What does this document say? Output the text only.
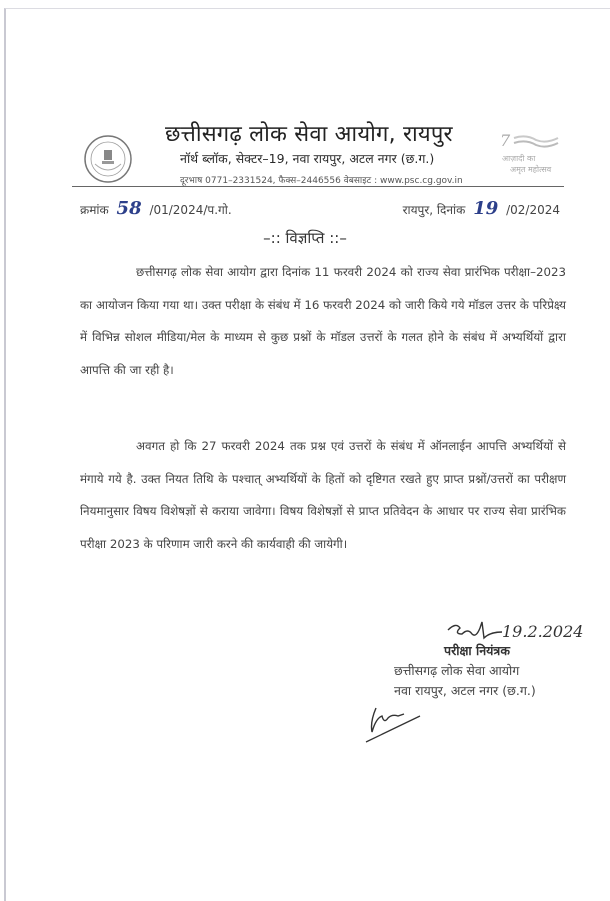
7
आज़ादी का
अमृत महोत्सव
छत्तीसगढ़ लोक सेवा आयोग, रायपुर
नॉर्थ ब्लॉक, सेक्टर–19, नवा रायपुर, अटल नगर (छ.ग.)
दूरभाष 0771–2331524, फैक्स–2446556 वेबसाइट : www.psc.cg.gov.in
क्रमांक 58 /01/2024/प.गो.	रायपुर, दिनांक 19 /02/2024
–:: विज्ञप्ति ::–

छत्तीसगढ़ लोक सेवा आयोग द्वारा दिनांक 11 फरवरी 2024 को राज्य सेवा प्रारंभिक परीक्षा–2023 का आयोजन किया गया था। उक्त परीक्षा के संबंध में 16 फरवरी 2024 को जारी किये गये मॉडल उत्तर के परिप्रेक्ष्य में विभिन्न सोशल मीडिया/मेल के माध्यम से कुछ प्रश्नों के मॉडल उत्तरों के गलत होने के संबंध में अभ्यर्थियों द्वारा आपत्ति की जा रही है।

अवगत हो कि 27 फरवरी 2024 तक प्रश्न एवं उत्तरों के संबंध में ऑनलाईन आपत्ति अभ्यर्थियों से मंगाये गये है. उक्त नियत तिथि के पश्चात् अभ्यर्थियों के हितों को दृष्टिगत रखते हुए प्राप्त प्रश्नों/उत्तरों का परीक्षण नियमानुसार विषय विशेषज्ञों से कराया जावेगा। विषय विशेषज्ञों से प्राप्त प्रतिवेदन के आधार पर राज्य सेवा प्रारंभिक परीक्षा 2023 के परिणाम जारी करने की कार्यवाही की जायेगी।

19.2.2024
परीक्षा नियंत्रक
छत्तीसगढ़ लोक सेवा आयोग
नवा रायपुर, अटल नगर (छ.ग.)
